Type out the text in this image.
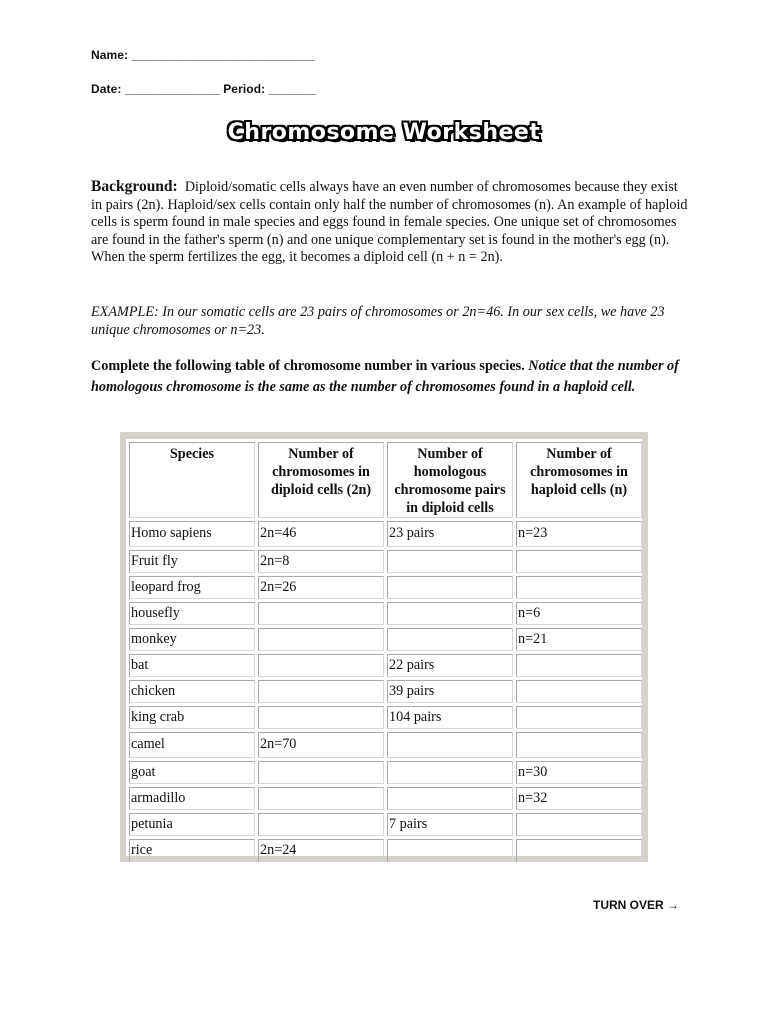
Name: ___________________________
Date: ______________ Period: _______
Chromosome Worksheet
Background: Diploid/somatic cells always have an even number of chromosomes because they exist in pairs (2n). Haploid/sex cells contain only half the number of chromosomes (n). An example of haploid cells is sperm found in male species and eggs found in female species. One unique set of chromosomes are found in the father's sperm (n) and one unique complementary set is found in the mother's egg (n). When the sperm fertilizes the egg, it becomes a diploid cell (n + n = 2n).
EXAMPLE: In our somatic cells are 23 pairs of chromosomes or 2n=46. In our sex cells, we have 23 unique chromosomes or n=23.
Complete the following table of chromosome number in various species. Notice that the number of homologous chromosome is the same as the number of chromosomes found in a haploid cell.
Species	Number of chromosomes in diploid cells (2n)	Number of homologous chromosome pairs in diploid cells	Number of chromosomes in haploid cells (n)
Homo sapiens	2n=46	23 pairs	n=23
Fruit fly	2n=8		
leopard frog	2n=26		
housefly			n=6
monkey			n=21
bat		22 pairs	
chicken		39 pairs	
king crab		104 pairs	
camel	2n=70		
goat			n=30
armadillo			n=32
petunia		7 pairs	
rice	2n=24		
TURN OVER →
